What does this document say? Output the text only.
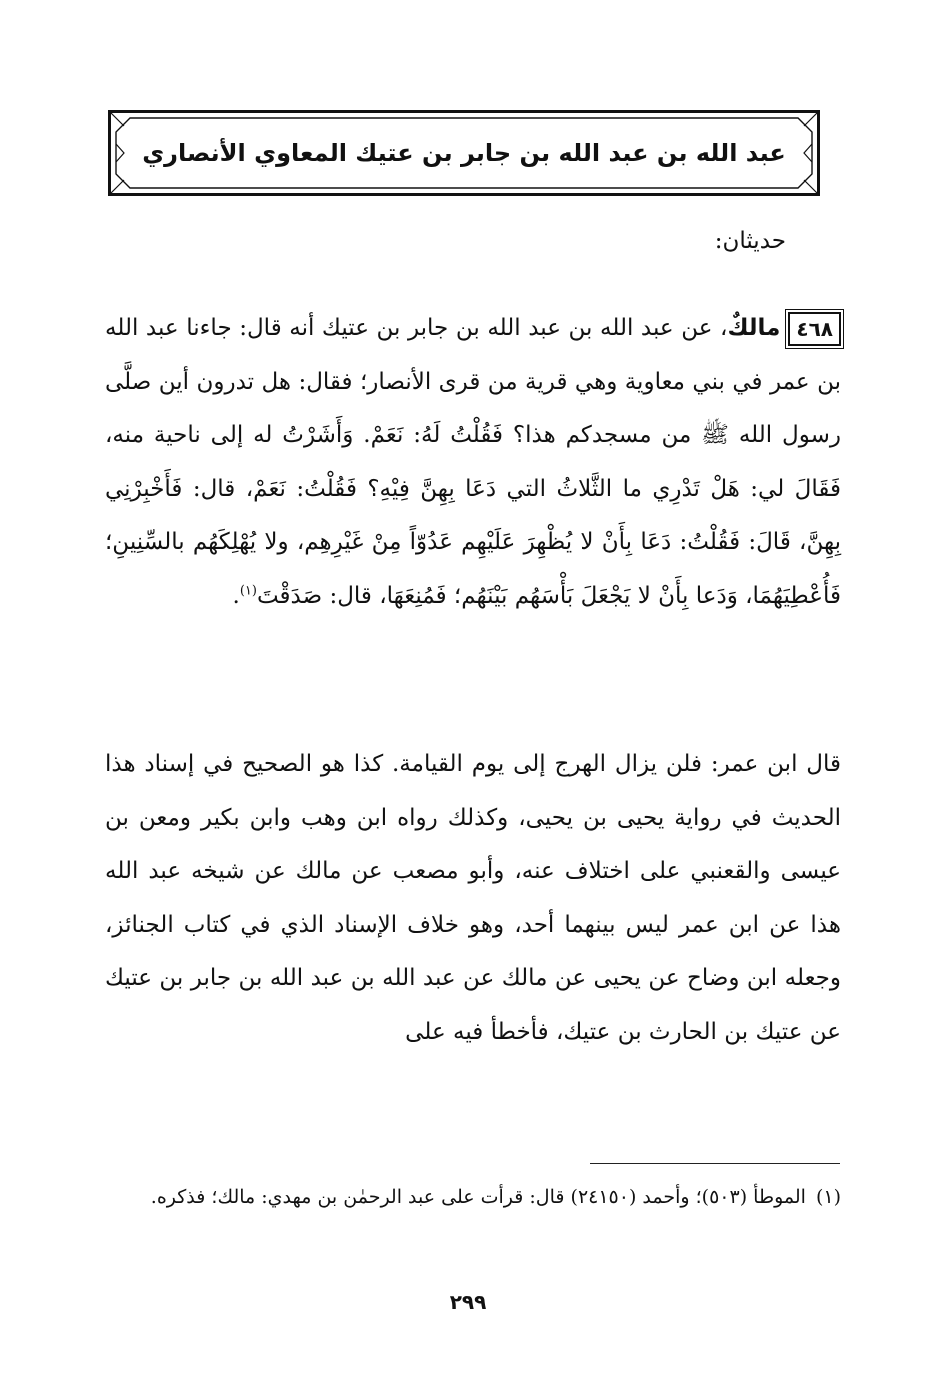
عبد الله بن عبد الله بن جابر بن عتيك المعاوي الأنصاري
حديثان:
٤٦٨مالكٌ، عن عبد الله بن عبد الله بن جابر بن عتيك أنه قال: جاءنا عبد الله بن عمر في بني معاوية وهي قرية من قرى الأنصار؛ فقال: هل تدرون أين صلَّى رسول الله ﷺ من مسجدكم هذا؟ فَقُلْتُ لَهُ: نَعَمْ. وَأَشَرْتُ له إلى ناحية منه، فَقَالَ لي: هَلْ تَدْرِي ما الثَّلاثُ التي دَعَا بِهِنَّ فِيْهِ؟ فَقُلْتُ: نَعَمْ، قال: فَأَخْبِرْنِي بِهِنَّ، قَالَ: فَقُلْتُ: دَعَا بِأَنْ لا يُظْهِرَ عَلَيْهِم عَدُوّاً مِنْ غَيْرِهِم، ولا يُهْلِكَهُم بالسِّنِينِ؛ فَأُعْطِيَهُمَا، وَدَعا بِأَنْ لا يَجْعَلَ بَأْسَهُم بَيْنَهُم؛ فَمُنِعَهَا، قال: صَدَقْتَ$^{(١)}$.
قال ابن عمر: فلن يزال الهرج إلى يوم القيامة. كذا هو الصحيح في إسناد هذا الحديث في رواية يحيى بن يحيى، وكذلك رواه ابن وهب وابن بكير ومعن بن عيسى والقعنبي على اختلاف عنه، وأبو مصعب عن مالك عن شيخه عبد الله هذا عن ابن عمر ليس بينهما أحد، وهو خلاف الإسناد الذي في كتاب الجنائز، وجعله ابن وضاح عن يحيى عن مالك عن عبد الله بن عبد الله بن جابر بن عتيك عن عتيك بن الحارث بن عتيك، فأخطأ فيه على
(١)الموطأ (٥٠٣)؛ وأحمد (٢٤١٥٠) قال: قرأت على عبد الرحمٰن بن مهدي: مالك؛ فذكره.
٢٩٩
